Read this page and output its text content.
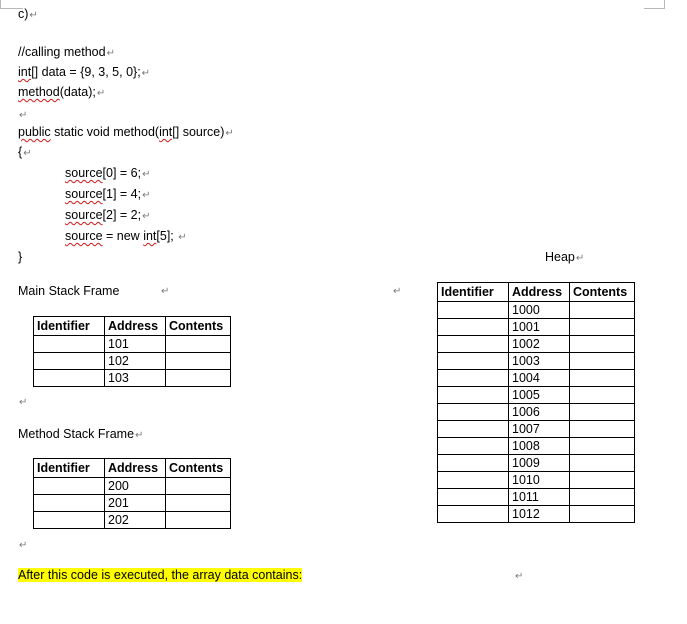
c)↵
//calling method↵
int[] data = {9, 3, 5, 0};↵
method(data);↵
↵
public static void method(int[] source)↵
{↵
source[0] = 6;↵
source[1] = 4;↵
source[2] = 2;↵
source = new int[5]; ↵
}	Heap↵
Main Stack Frame	↵	↵
Identifier	Address	Contents
	101	
	102	
	103	
↵
Method Stack Frame↵
Identifier	Address	Contents
	200	
	201	
	202	
↵
Identifier	Address	Contents
	1000	
	1001	
	1002	
	1003	
	1004	
	1005	
	1006	
	1007	
	1008	
	1009	
	1010	
	1011	
	1012	
After this code is executed, the array data contains:	↵
